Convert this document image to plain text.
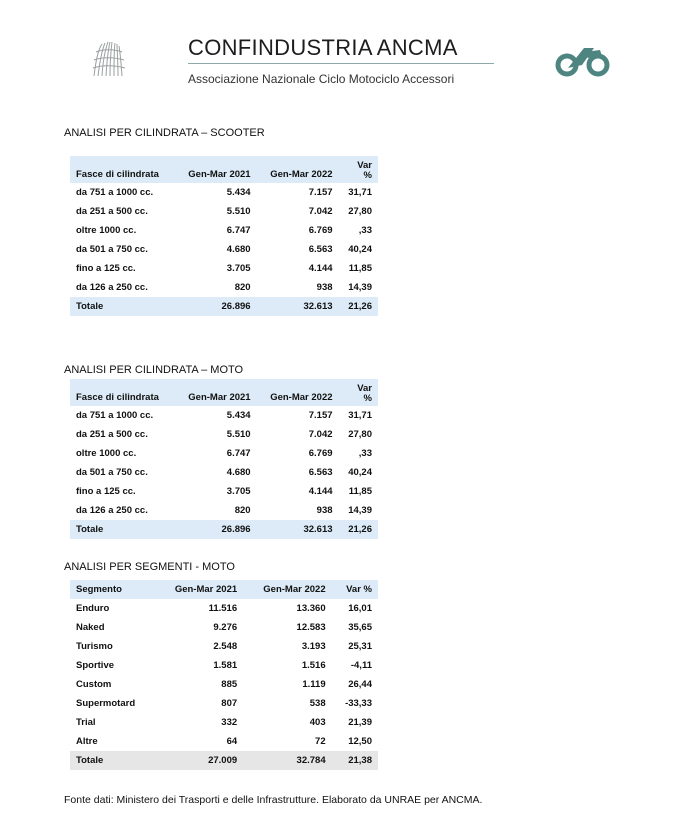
CONFINDUSTRIA ANCMA
Associazione Nazionale Ciclo Motociclo Accessori
ANALISI PER CILINDRATA – SCOOTER
Fasce di cilindrata	Gen-Mar 2021	Gen-Mar 2022	Var
%

da 751 a 1000 cc.	5.434	7.157	31,71
da 251 a 500 cc.	5.510	7.042	27,80
oltre 1000 cc.	6.747	6.769	,33
da 501 a 750 cc.	4.680	6.563	40,24
fino a 125 cc.	3.705	4.144	11,85
da 126 a 250 cc.	820	938	14,39
Totale	26.896	32.613	21,26
ANALISI PER CILINDRATA – MOTO
Fasce di cilindrata	Gen-Mar 2021	Gen-Mar 2022	Var
%

da 751 a 1000 cc.	5.434	7.157	31,71
da 251 a 500 cc.	5.510	7.042	27,80
oltre 1000 cc.	6.747	6.769	,33
da 501 a 750 cc.	4.680	6.563	40,24
fino a 125 cc.	3.705	4.144	11,85
da 126 a 250 cc.	820	938	14,39
Totale	26.896	32.613	21,26
ANALISI PER SEGMENTI - MOTO
Segmento	Gen-Mar 2021	Gen-Mar 2022	Var %
Enduro	11.516	13.360	16,01
Naked	9.276	12.583	35,65
Turismo	2.548	3.193	25,31
Sportive	1.581	1.516	-4,11
Custom	885	1.119	26,44
Supermotard	807	538	-33,33
Trial	332	403	21,39
Altre	64	72	12,50
Totale	27.009	32.784	21,38
Fonte dati: Ministero dei Trasporti e delle Infrastrutture. Elaborato da UNRAE per ANCMA.
